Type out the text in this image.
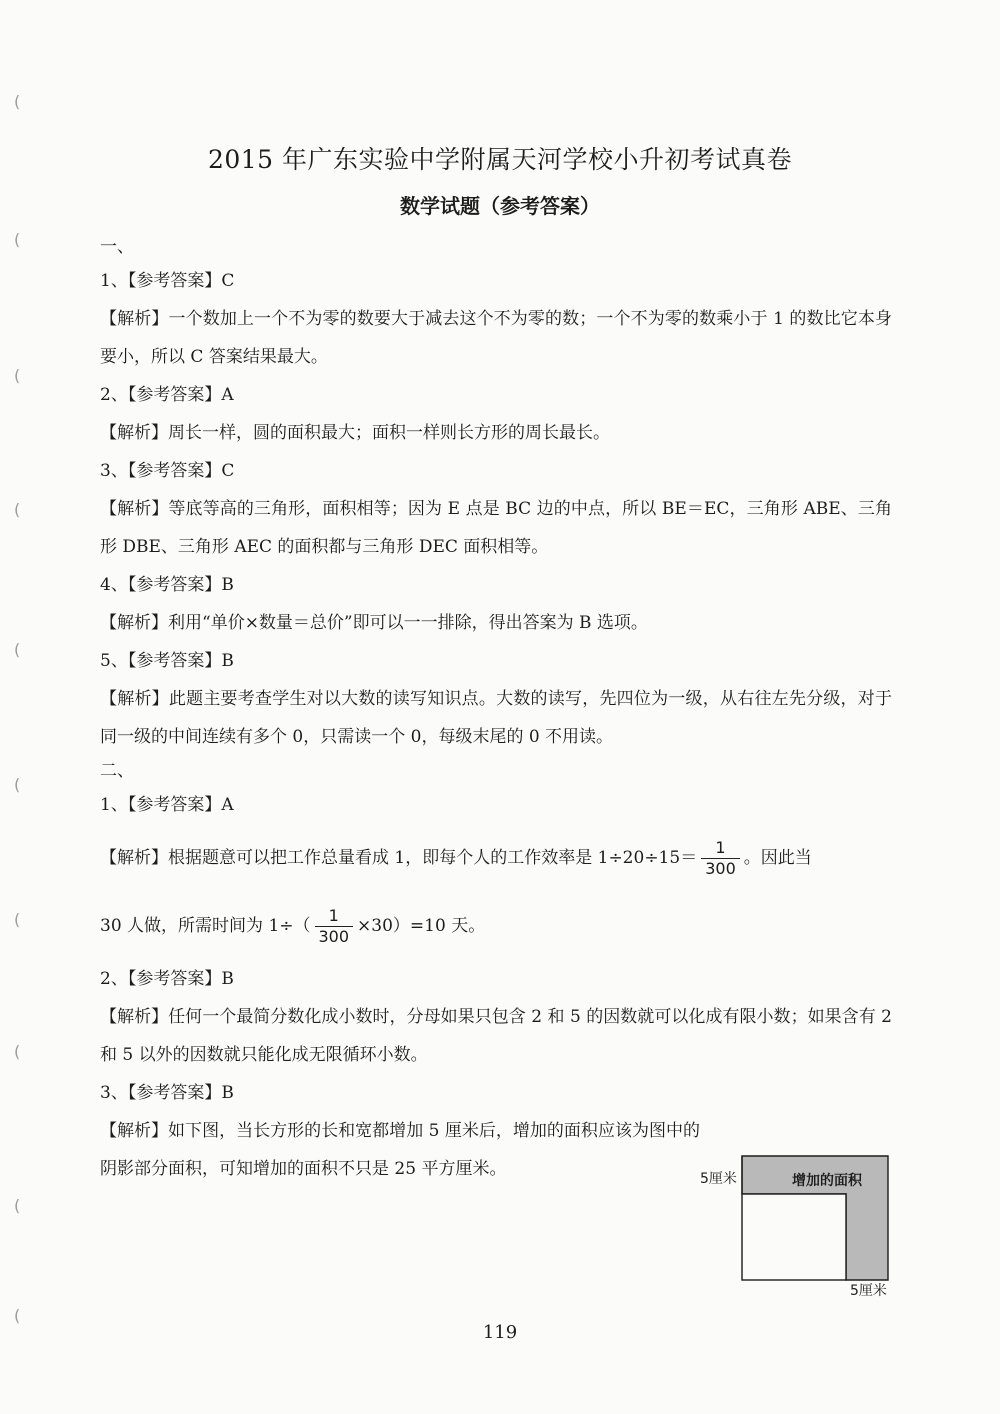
(
(
(
(
(
(
(
(
(
(
2015 年广东实验中学附属天河学校小升初考试真卷
数学试题（参考答案）
一、
1、【参考答案】C
【解析】一个数加上一个不为零的数要大于减去这个不为零的数；一个不为零的数乘小于 1 的数比它本身要小，所以 C 答案结果最大。
2、【参考答案】A
【解析】周长一样，圆的面积最大；面积一样则长方形的周长最长。
3、【参考答案】C
【解析】等底等高的三角形，面积相等；因为 E 点是 BC 边的中点，所以 BE＝EC，三角形 ABE、三角形 DBE、三角形 AEC 的面积都与三角形 DEC 面积相等。
4、【参考答案】B
【解析】利用“单价×数量＝总价”即可以一一排除，得出答案为 B 选项。
5、【参考答案】B
【解析】此题主要考查学生对以大数的读写知识点。大数的读写，先四位为一级，从右往左先分级，对于同一级的中间连续有多个 0，只需读一个 0，每级末尾的 0 不用读。
二、
1、【参考答案】A
【解析】根据题意可以把工作总量看成 1，即每个人的工作效率是 $1\div 20\div 15= \frac{1}{300}$ 。因此当
30 人做，所需时间为 $1\div( \frac{1}{300} \times 30)=10$ 天。
2、【参考答案】B
【解析】任何一个最简分数化成小数时，分母如果只包含 2 和 5 的因数就可以化成有限小数；如果含有 2 和 5 以外的因数就只能化成无限循环小数。
3、【参考答案】B
【解析】如下图，当长方形的长和宽都增加 5 厘米后，增加的面积应该为图中的阴影部分面积，可知增加的面积不只是 25 平方厘米。	5厘米	增加的面积
5厘米
119
